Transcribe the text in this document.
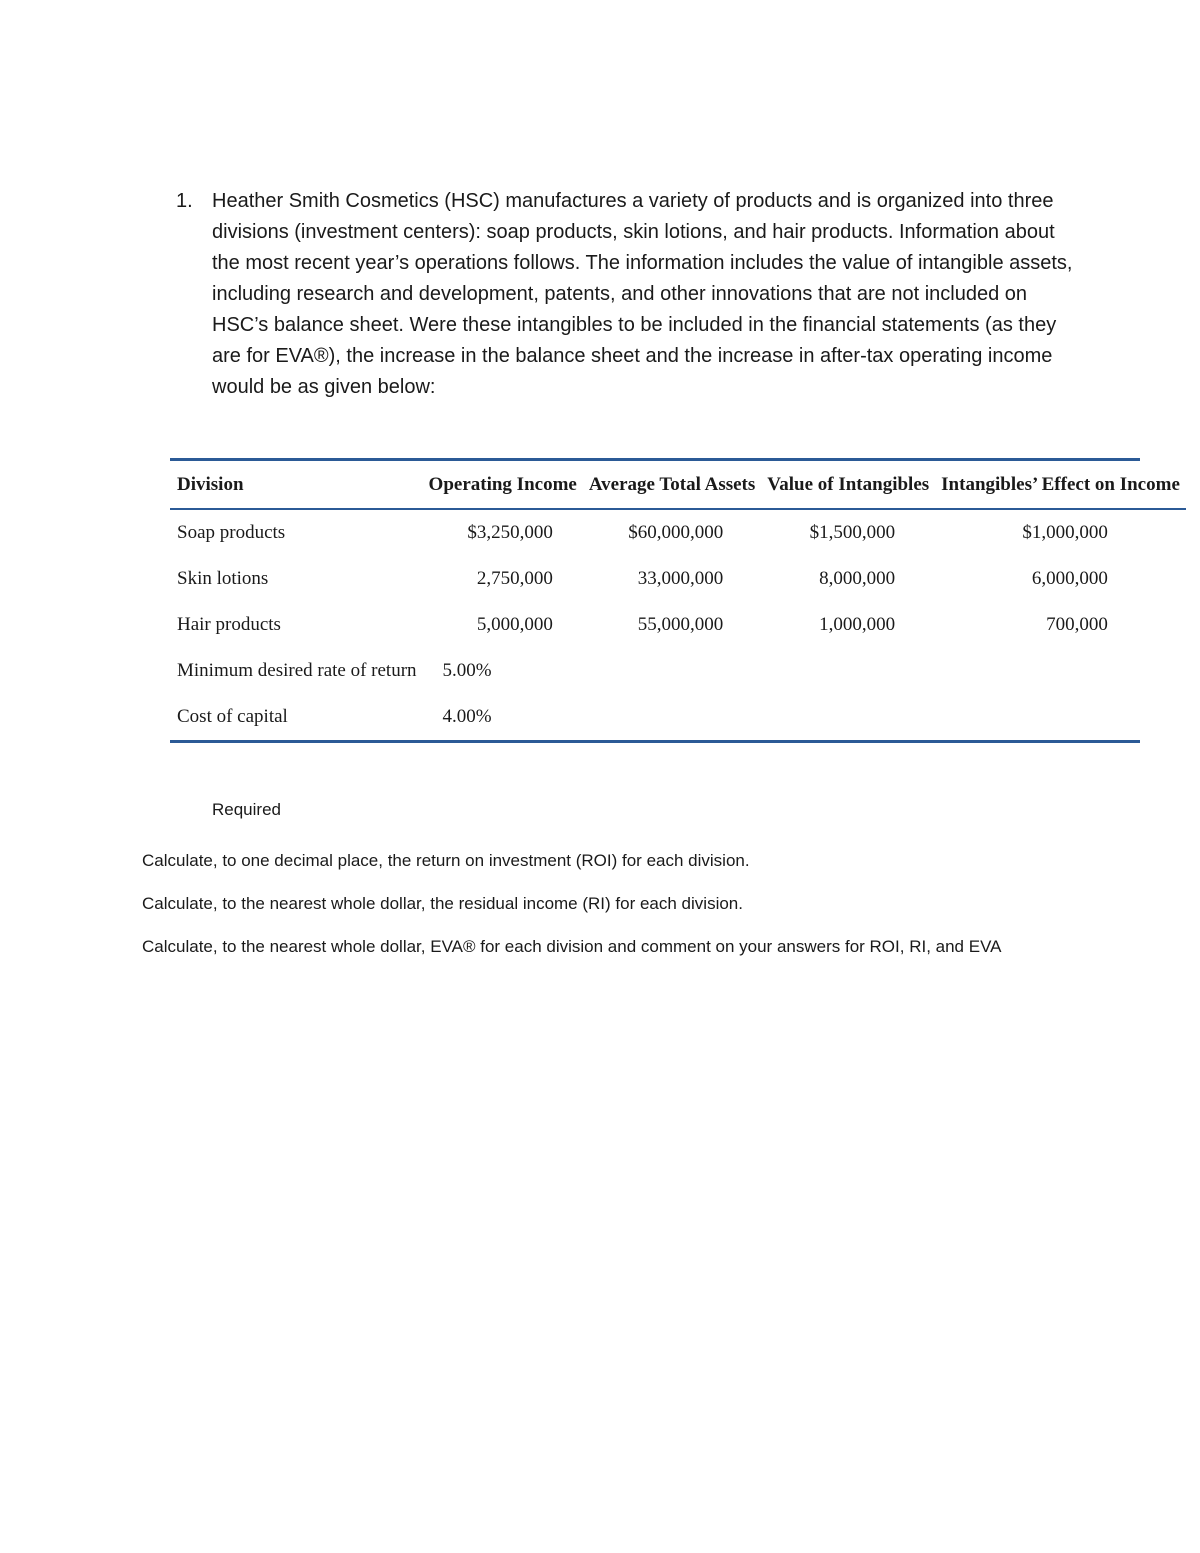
1. Heather Smith Cosmetics (HSC) manufactures a variety of products and is organized into three divisions (investment centers): soap products, skin lotions, and hair products. Information about the most recent year’s operations follows. The information includes the value of intangible assets, including research and development, patents, and other innovations that are not included on HSC’s balance sheet. Were these intangibles to be included in the financial statements (as they are for EVA®), the increase in the balance sheet and the increase in after-tax operating income would be as given below:
Division	Operating Income	Average Total Assets	Value of Intangibles	Intangibles’ Effect on Income
Soap products	$3,250,000	$60,000,000	$1,500,000	$1,000,000
Skin lotions	2,750,000	33,000,000	8,000,000	6,000,000
Hair products	5,000,000	55,000,000	1,000,000	700,000
Minimum desired rate of return	5.00%			
Cost of capital	4.00%			
Required

Calculate, to one decimal place, the return on investment (ROI) for each division.

Calculate, to the nearest whole dollar, the residual income (RI) for each division.

Calculate, to the nearest whole dollar, EVA® for each division and comment on your answers for ROI, RI, and EVA
